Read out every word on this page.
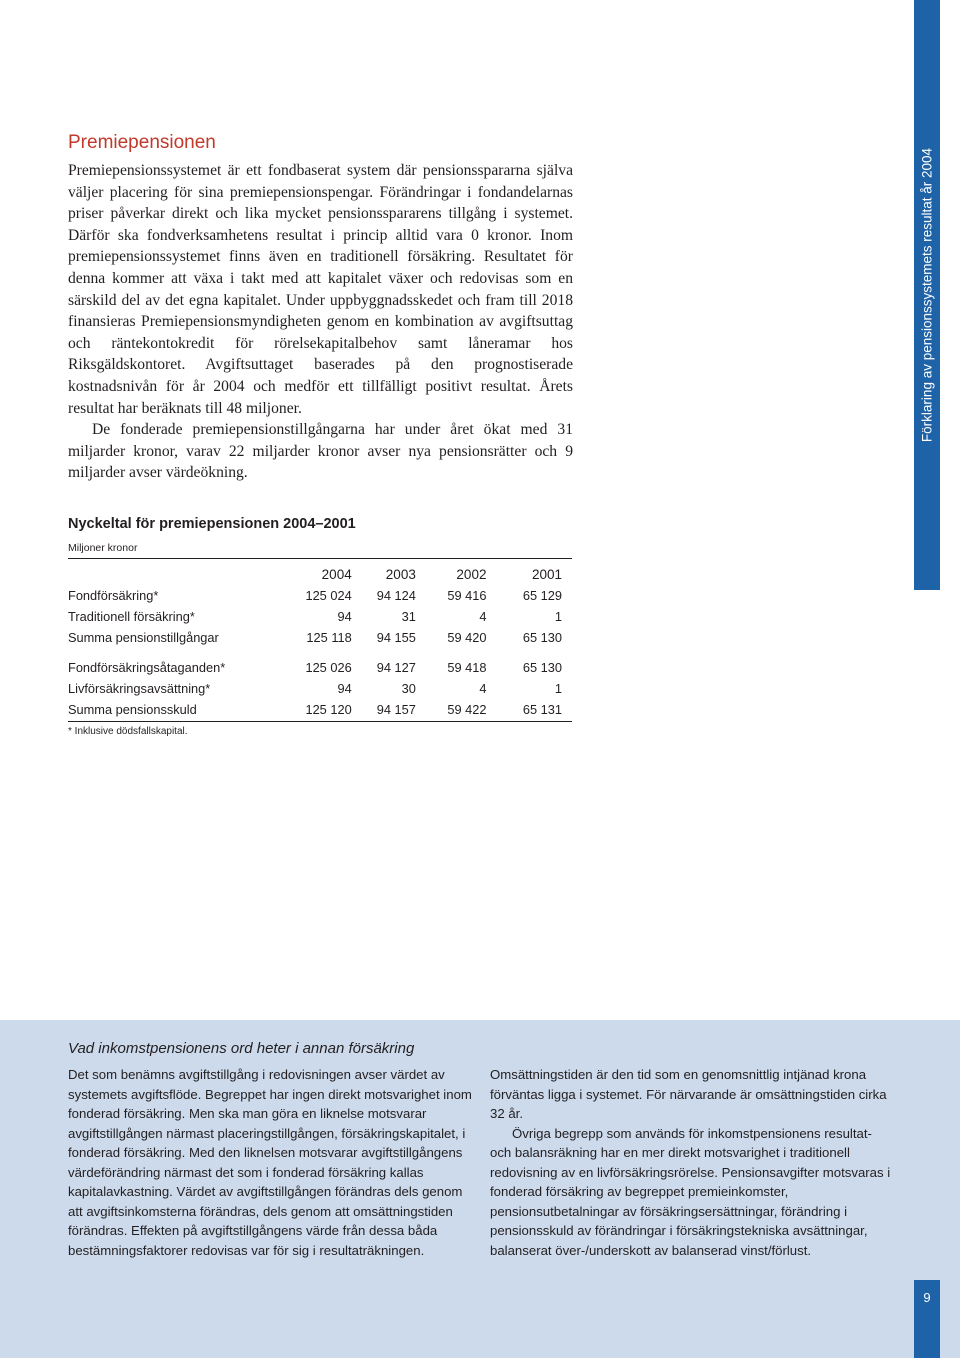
Förklaring av pensionssystemets resultat år 2004
Premiepensionen

Premiepensionssystemet är ett fondbaserat system där pensionsspararna själva väljer placering för sina premiepensionspengar. Förändringar i fondandelarnas priser påverkar direkt och lika mycket pensionsspararens tillgång i systemet. Därför ska fondverksamhetens resultat i princip alltid vara 0 kronor. Inom premiepensionssystemet finns även en traditionell försäkring. Resultatet för denna kommer att växa i takt med att kapitalet växer och redovisas som en särskild del av det egna kapitalet. Under uppbyggnadsskedet och fram till 2018 finansieras Premiepensionsmyndigheten genom en kombination av avgiftsuttag och räntekontokredit för rörelsekapitalbehov samt låneramar hos Riksgäldskontoret. Avgiftsuttaget baserades på den prognostiserade kostnadsnivån för år 2004 och medför ett tillfälligt positivt resultat. Årets resultat har beräknats till 48 miljoner.

De fonderade premiepensionstillgångarna har under året ökat med 31 miljarder kronor, varav 22 miljarder kronor avser nya pensionsrätter och 9 miljarder avser värdeökning.

Nyckeltal för premiepensionen 2004–2001
Miljoner kronor
	2004	2003	2002	2001
Fondförsäkring*	125 024	94 124	59 416	65 129
Traditionell försäkring*	94	31	4	1
Summa pensionstillgångar	125 118	94 155	59 420	65 130

Fondförsäkringsåtaganden*	125 026	94 127	59 418	65 130
Livförsäkringsavsättning*	94	30	4	1
Summa pensionsskuld	125 120	94 157	59 422	65 131
* Inklusive dödsfallskapital.
Vad inkomstpensionens ord heter i annan försäkring

Det som benämns avgiftstillgång i redovisningen avser värdet av systemets avgiftsflöde. Begreppet har ingen direkt motsvarighet inom fonderad försäkring. Men ska man göra en liknelse motsvarar avgiftstillgången närmast placeringstillgången, försäkringskapitalet, i fonderad försäkring. Med den liknelsen motsvarar avgiftstillgångens värdeförändring närmast det som i fonderad försäkring kallas kapitalavkastning. Värdet av avgiftstillgången förändras dels genom att avgiftsinkomsterna förändras, dels genom att omsättningstiden förändras. Effekten på avgiftstillgångens värde från dessa båda bestämningsfaktorer redovisas var för sig i resultaträkningen.

Omsättningstiden är den tid som en genomsnittlig intjänad krona förväntas ligga i systemet. För närvarande är omsättningstiden cirka 32 år.

Övriga begrepp som används för inkomstpensionens resultat- och balansräkning har en mer direkt motsvarighet i traditionell redovisning av en livförsäkringsrörelse. Pensionsavgifter motsvaras i fonderad försäkring av begreppet premieinkomster, pensionsutbetalningar av försäkringsersättningar, förändring i pensionsskuld av förändringar i försäkringstekniska avsättningar, balanserat över-/underskott av balanserad vinst/förlust.

9
